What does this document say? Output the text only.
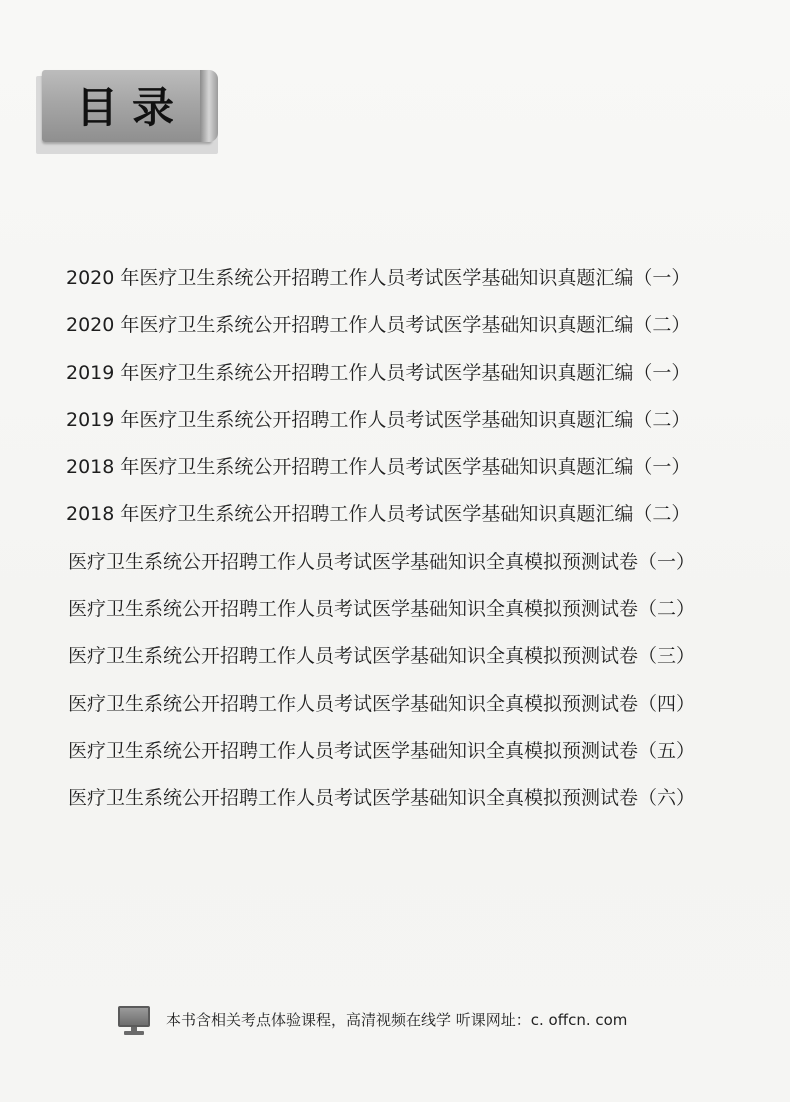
目录
2020 年医疗卫生系统公开招聘工作人员考试医学基础知识真题汇编（一）
2020 年医疗卫生系统公开招聘工作人员考试医学基础知识真题汇编（二）
2019 年医疗卫生系统公开招聘工作人员考试医学基础知识真题汇编（一）
2019 年医疗卫生系统公开招聘工作人员考试医学基础知识真题汇编（二）
2018 年医疗卫生系统公开招聘工作人员考试医学基础知识真题汇编（一）
2018 年医疗卫生系统公开招聘工作人员考试医学基础知识真题汇编（二）
医疗卫生系统公开招聘工作人员考试医学基础知识全真模拟预测试卷（一）
医疗卫生系统公开招聘工作人员考试医学基础知识全真模拟预测试卷（二）
医疗卫生系统公开招聘工作人员考试医学基础知识全真模拟预测试卷（三）
医疗卫生系统公开招聘工作人员考试医学基础知识全真模拟预测试卷（四）
医疗卫生系统公开招聘工作人员考试医学基础知识全真模拟预测试卷（五）
医疗卫生系统公开招聘工作人员考试医学基础知识全真模拟预测试卷（六）
本书含相关考点体验课程，高清视频在线学 听课网址：c. offcn. com
